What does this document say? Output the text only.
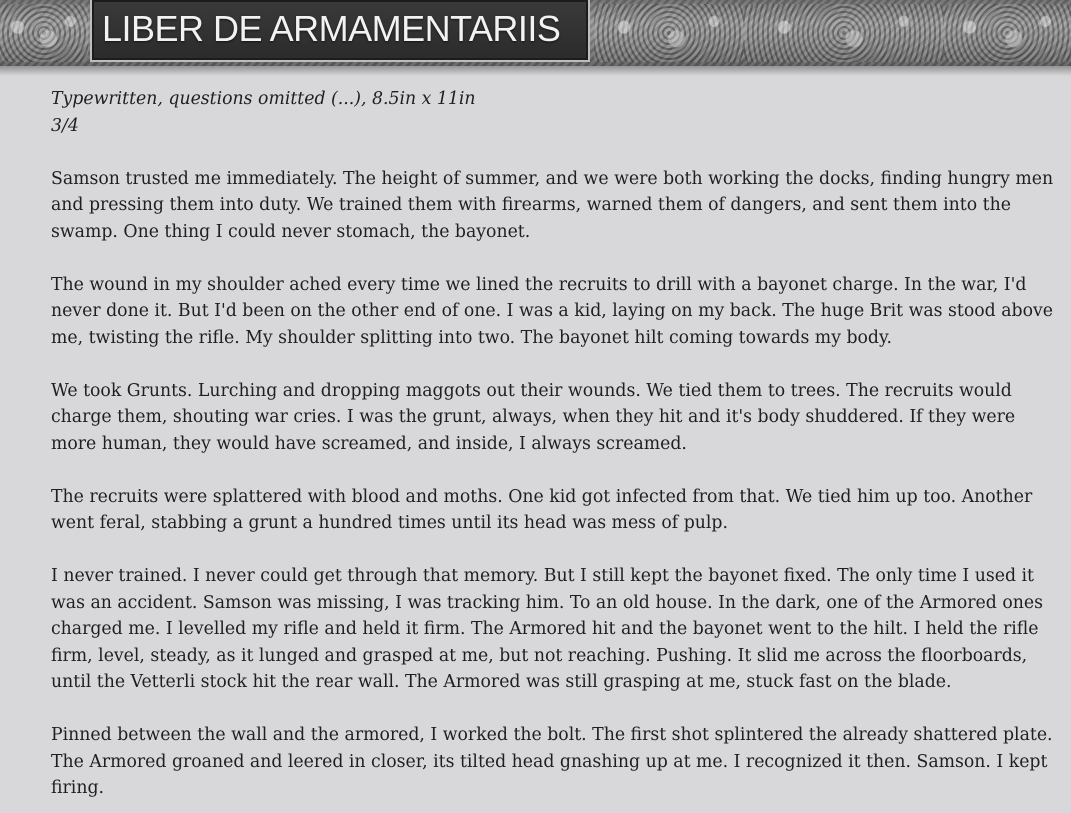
LIBER DE ARMAMENTARIIS
Typewritten, questions omitted (...), 8.5in x 11in
3/4

Samson trusted me immediately. The height of summer, and we were both working the docks, finding hungry men and pressing them into duty. We trained them with firearms, warned them of dangers, and sent them into the swamp. One thing I could never stomach, the bayonet.

The wound in my shoulder ached every time we lined the recruits to drill with a bayonet charge. In the war, I'd never done it. But I'd been on the other end of one. I was a kid, laying on my back. The huge Brit was stood above me, twisting the rifle. My shoulder splitting into two. The bayonet hilt coming towards my body.

We took Grunts. Lurching and dropping maggots out their wounds. We tied them to trees. The recruits would charge them, shouting war cries. I was the grunt, always, when they hit and it's body shuddered. If they were more human, they would have screamed, and inside, I always screamed.

The recruits were splattered with blood and moths. One kid got infected from that. We tied him up too. Another went feral, stabbing a grunt a hundred times until its head was mess of pulp.

I never trained. I never could get through that memory. But I still kept the bayonet fixed. The only time I used it was an accident. Samson was missing, I was tracking him. To an old house. In the dark, one of the Armored ones charged me. I levelled my rifle and held it firm. The Armored hit and the bayonet went to the hilt. I held the rifle firm, level, steady, as it lunged and grasped at me, but not reaching. Pushing. It slid me across the floorboards, until the Vetterli stock hit the rear wall. The Armored was still grasping at me, stuck fast on the blade.

Pinned between the wall and the armored, I worked the bolt. The first shot splintered the already shattered plate. The Armored groaned and leered in closer, its tilted head gnashing up at me. I recognized it then. Samson. I kept firing.
